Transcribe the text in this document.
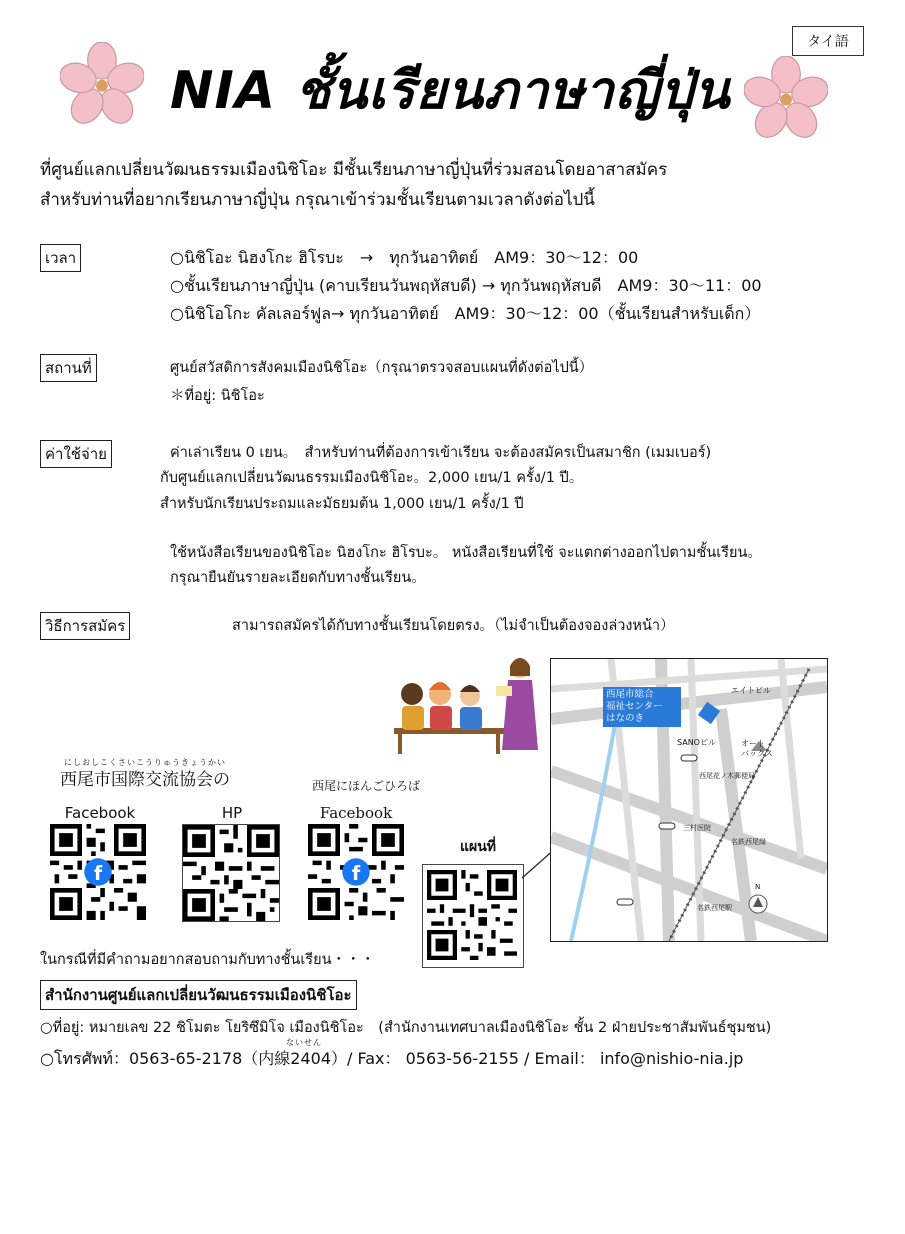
タイ語
NIA ชั้นเรียนภาษาญี่ปุ่น
ที่ศูนย์แลกเปลี่ยนวัฒนธรรมเมืองนิชิโอะ มีชั้นเรียนภาษาญี่ปุ่นที่ร่วมสอนโดยอาสาสมัคร
สำหรับท่านที่อยากเรียนภาษาญี่ปุ่น กรุณาเข้าร่วมชั้นเรียนตามเวลาดังต่อไปนี้
เวลา	○นิชิโอะ นิฮงโกะ ฮิโรบะ　→　ทุกวันอาทิตย์　AM9：30～12：00
○ชั้นเรียนภาษาญี่ปุ่น (คาบเรียนวันพฤหัสบดี) → ทุกวันพฤหัสบดี　AM9：30～11：00
○นิชิโอโกะ คัลเลอร์ฟูล→ ทุกวันอาทิตย์　AM9：30～12：00（ชั้นเรียนสำหรับเด็ก）
สถานที่	ศูนย์สวัสดิการสังคมเมืองนิชิโอะ（กรุณาตรวจสอบแผนที่ดังต่อไปนี้）
＊ที่อยู่: นิชิโอะ
ค่าใช้จ่าย	ค่าเล่าเรียน 0 เยน。　สำหรับท่านที่ต้องการเข้าเรียน จะต้องสมัครเป็นสมาชิก (เมมเบอร์)
กับศูนย์แลกเปลี่ยนวัฒนธรรมเมืองนิชิโอะ。2,000 เยน/1 ครั้ง/1 ปี。
สำหรับนักเรียนประถมและมัธยมต้น 1,000 เยน/1 ครั้ง/1 ปี
ใช้หนังสือเรียนของนิชิโอะ นิฮงโกะ ฮิโรบะ。 หนังสือเรียนที่ใช้ จะแตกต่างออกไปตามชั้นเรียน。
กรุณายืนยันรายละเอียดกับทางชั้นเรียน。
วิธีการสมัคร	สามารถสมัครได้กับทางชั้นเรียนโดยตรง。（ไม่จำเป็นต้องจองล่วงหน้า）
にしおしこくさいこうりゅうきょうかい
西尾市国際交流協会の	西尾にほんごひろば
Facebook	HP	Facebook
แผนที่
f	f
西尾市総合
福祉センター
はなのき
エイトビル
SANOビル	オート
バックス
西尾花ノ木郵便局
三村医院
名鉄西尾緑
名鉄西尾駅
N
ในกรณีที่มีคำถามอยากสอบถามกับทางชั้นเรียน・・・
สำนักงานศูนย์แลกเปลี่ยนวัฒนธรรมเมืองนิชิโอะ
○ที่อยู่: หมายเลข 22 ชิโมตะ โยริซึมิโจ เมืองนิชิโอะ　(สำนักงานเทศบาลเมืองนิชิโอะ ชั้น 2 ฝ่ายประชาสัมพันธ์ชุมชน)
ないせん
○โทรศัพท์：0563-65-2178（内線2404）/ Fax： 0563-56-2155 / Email： info@nishio-nia.jp
